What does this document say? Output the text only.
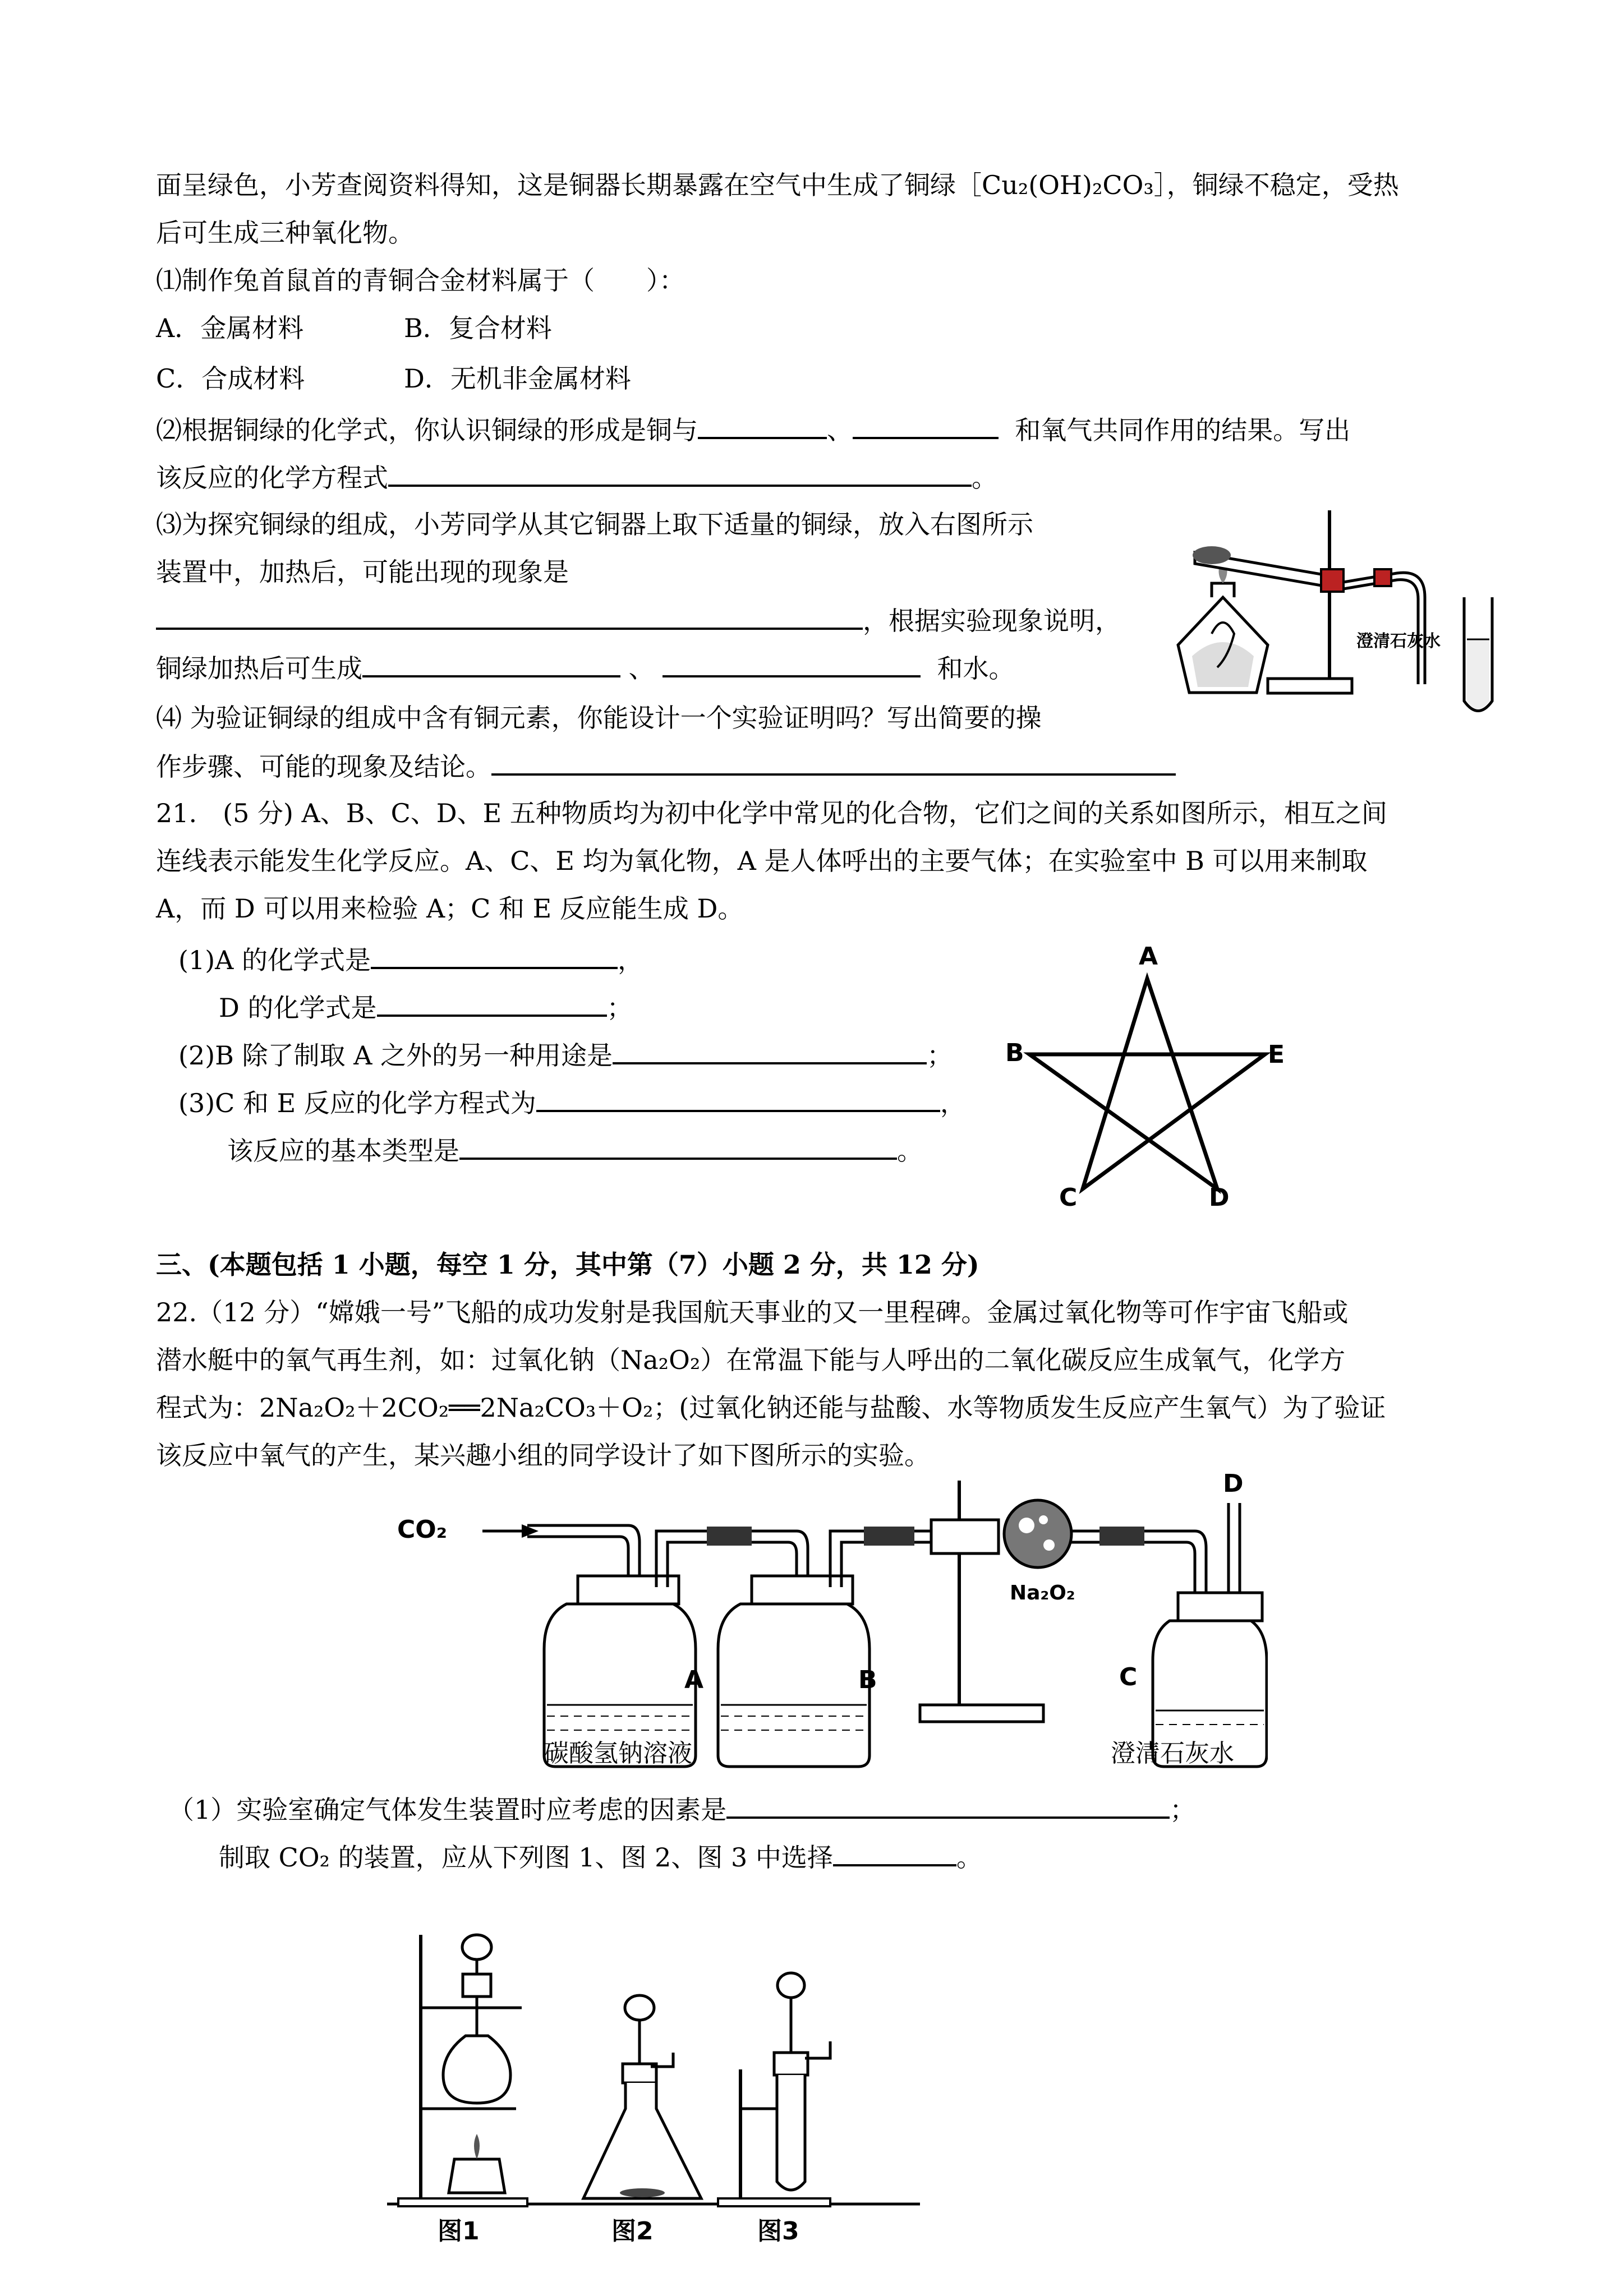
面呈绿色，小芳查阅资料得知，这是铜器长期暴露在空气中生成了铜绿［Cu₂(OH)₂CO₃］，铜绿不稳定，受热
后可生成三种氧化物。
⑴制作兔首鼠首的青铜合金材料属于（　　）：
A．金属材料	B．复合材料
C．合成材料	D．无机非金属材料
⑵根据铜绿的化学式，你认识铜绿的形成是铜与	、	和氧气共同作用的结果。写出
该反应的化学方程式	。
⑶为探究铜绿的组成，小芳同学从其它铜器上取下适量的铜绿，放入右图所示
装置中，加热后，可能出现的现象是
，根据实验现象说明，
铜绿加热后可生成	、	和水。
⑷ 为验证铜绿的组成中含有铜元素，你能设计一个实验证明吗？写出简要的操
作步骤、可能的现象及结论。
澄清石灰水
21.　(5 分) A、B、C、D、E 五种物质均为初中化学中常见的化合物，它们之间的关系如图所示，相互之间
连线表示能发生化学反应。A、C、E 均为氧化物，A 是人体呼出的主要气体；在实验室中 B 可以用来制取
A，而 D 可以用来检验 A；C 和 E 反应能生成 D。
(1)A 的化学式是	，
D 的化学式是	；
(2)B 除了制取 A 之外的另一种用途是	；
(3)C 和 E 反应的化学方程式为	，
该反应的基本类型是	。
A
B	E
C	D
三、(本题包括 1 小题，每空 1 分，其中第（7）小题 2 分，共 12 分)
22.（12 分）“嫦娥一号”飞船的成功发射是我国航天事业的又一里程碑。金属过氧化物等可作宇宙飞船或
潜水艇中的氧气再生剂，如：过氧化钠（Na₂O₂）在常温下能与人呼出的二氧化碳反应生成氧气，化学方
程式为：2Na₂O₂＋2CO₂══2Na₂CO₃＋O₂；(过氧化钠还能与盐酸、水等物质发生反应产生氧气）为了验证
该反应中氧气的产生，某兴趣小组的同学设计了如下图所示的实验。
CO₂
A	B	C
D
Na₂O₂
碳酸氢钠溶液	澄清石灰水
（1）实验室确定气体发生装置时应考虑的因素是	；
制取 CO₂ 的装置，应从下列图 1、图 2、图 3 中选择	。
图1	图2	图3
